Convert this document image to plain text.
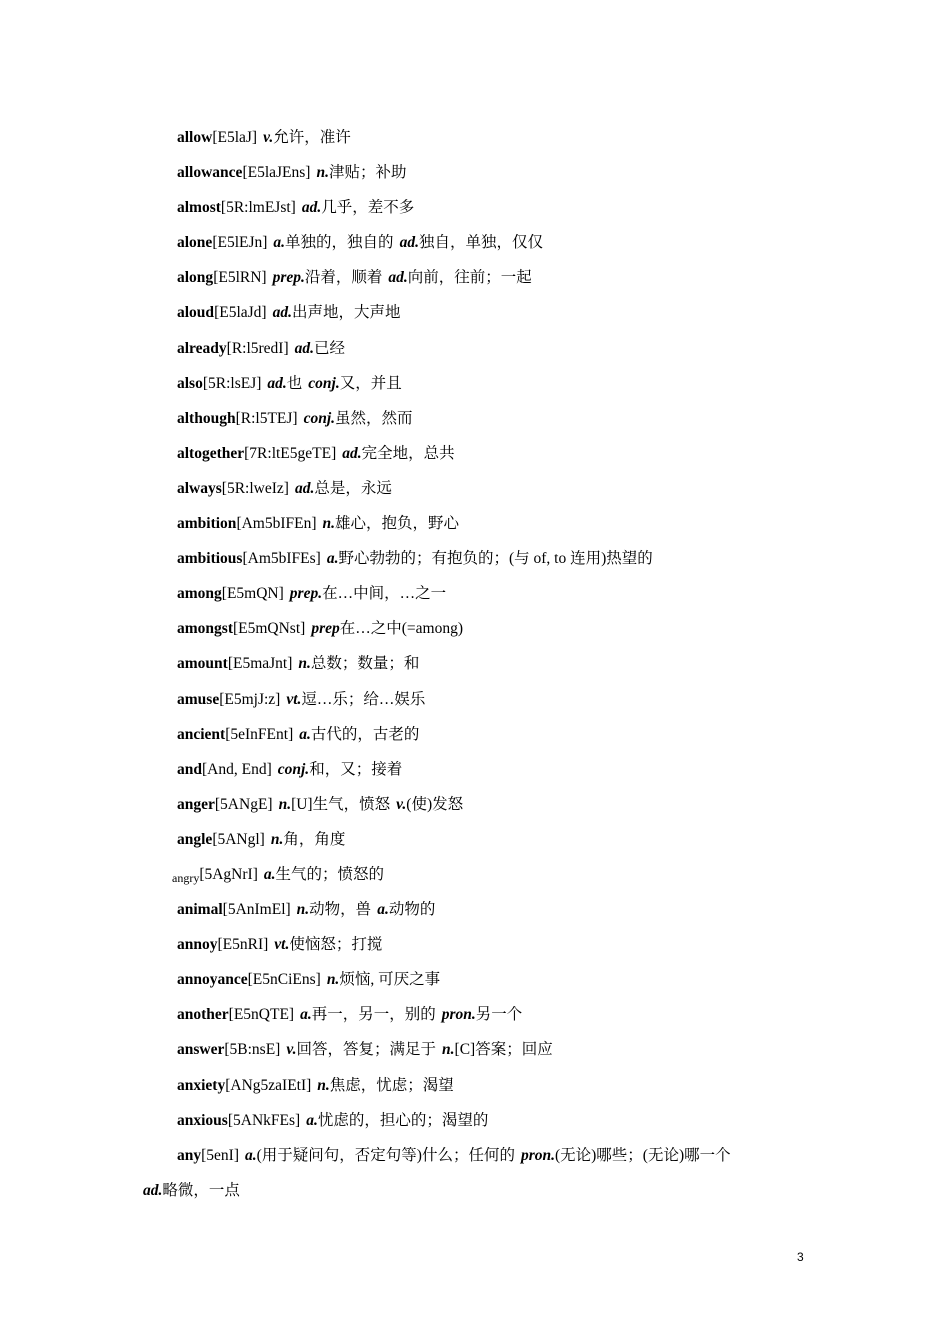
allow[E5laJ] v.允许，准许
allowance[E5laJEns] n.津贴；补助
almost[5R:lmEJst] ad.几乎，差不多
alone[E5lEJn] a.单独的，独自的 ad.独自，单独，仅仅
along[E5lRN] prep.沿着，顺着 ad.向前，往前；一起
aloud[E5laJd] ad.出声地，大声地
already[R:l5redI] ad.已经
also[5R:lsEJ] ad.也 conj.又，并且
although[R:l5TEJ] conj.虽然，然而
altogether[7R:ltE5geTE] ad.完全地，总共
always[5R:lweIz] ad.总是，永远
ambition[Am5bIFEn] n.雄心，抱负，野心
ambitious[Am5bIFEs] a.野心勃勃的；有抱负的；(与 of, to 连用)热望的
among[E5mQN] prep.在…中间，…之一
amongst[E5mQNst] prep在…之中(=among)
amount[E5maJnt] n.总数；数量；和
amuse[E5mjJ:z] vt.逗…乐；给…娱乐
ancient[5eInFEnt] a.古代的，古老的
and[And, End] conj.和，又；接着
anger[5ANgE] n.[U]生气，愤怒 v.(使)发怒
angle[5ANgl] n.角，角度
angry[5AgNrI] a.生气的；愤怒的
animal[5AnImEl] n.动物，兽 a.动物的
annoy[E5nRI] vt.使恼怒；打搅
annoyance[E5nCiEns] n.烦恼, 可厌之事
another[E5nQTE] a.再一，另一，别的 pron.另一个
answer[5B:nsE] v.回答，答复；满足于 n.[C]答案；回应
anxiety[ANg5zaIEtI] n.焦虑，忧虑；渴望
anxious[5ANkFEs] a.忧虑的，担心的；渴望的
any[5enI] a.(用于疑问句，否定句等)什么；任何的 pron.(无论)哪些；(无论)哪一个
ad.略微，一点
3
